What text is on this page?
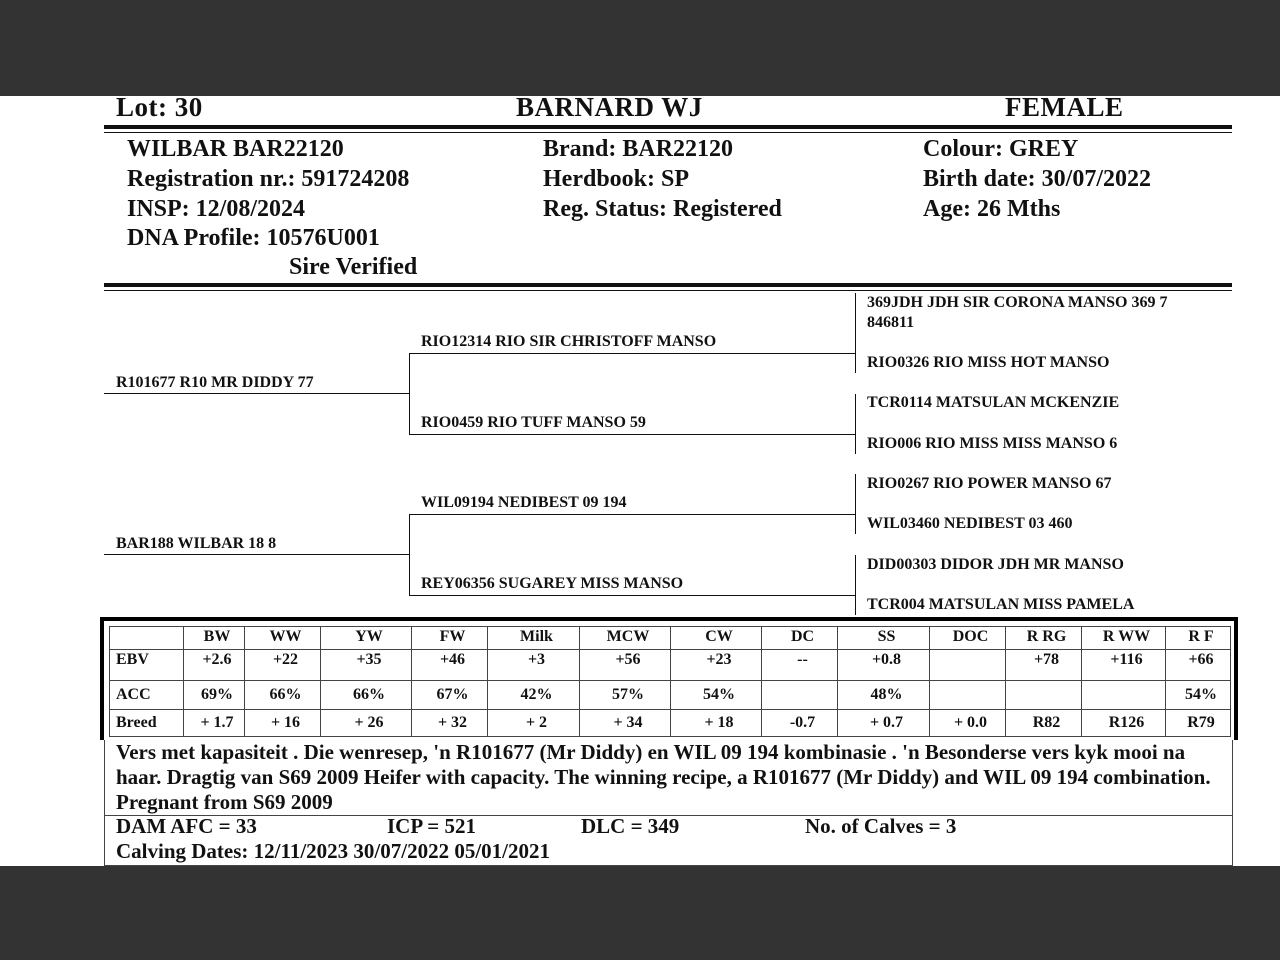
Lot: 30	BARNARD WJ	FEMALE
WILBAR BAR22120
Registration nr.: 591724208
INSP: 12/08/2024
DNA Profile: 10576U001
Sire Verified
Brand: BAR22120
Herdbook: SP
Reg. Status: Registered
Colour: GREY
Birth date: 30/07/2022
Age: 26 Mths
R101677 R10 MR DIDDY 77
BAR188 WILBAR 18 8
RIO12314 RIO SIR CHRISTOFF MANSO
RIO0459 RIO TUFF MANSO 59
WIL09194 NEDIBEST 09 194
REY06356 SUGAREY MISS MANSO
369JDH JDH SIR CORONA MANSO 369 7
846811
RIO0326 RIO MISS HOT MANSO
TCR0114 MATSULAN MCKENZIE
RIO006 RIO MISS MISS MANSO 6
RIO0267 RIO POWER MANSO 67
WIL03460 NEDIBEST 03 460
DID00303 DIDOR JDH MR MANSO
TCR004 MATSULAN MISS PAMELA
	BW	WW	YW	FW	Milk	MCW	CW	DC	SS	DOC	R RG	R WW	R F
EBV	+2.6	+22	+35	+46	+3	+56	+23	--	+0.8		+78	+116	+66
ACC	69%	66%	66%	67%	42%	57%	54%		48%				54%
Breed	+ 1.7	+ 16	+ 26	+ 32	+ 2	+ 34	+ 18	-0.7	+ 0.7	+ 0.0	R82	R126	R79
Vers met kapasiteit . Die wenresep, 'n R101677 (Mr Diddy) en WIL 09 194 kombinasie . 'n Besonderse vers kyk mooi na haar. Dragtig van S69 2009 Heifer with capacity. The winning recipe, a R101677 (Mr Diddy) and WIL 09 194 combination. Pregnant from S69 2009
DAM AFC = 33	ICP = 521	DLC = 349	No. of Calves = 3
Calving Dates: 12/11/2023 30/07/2022 05/01/2021
